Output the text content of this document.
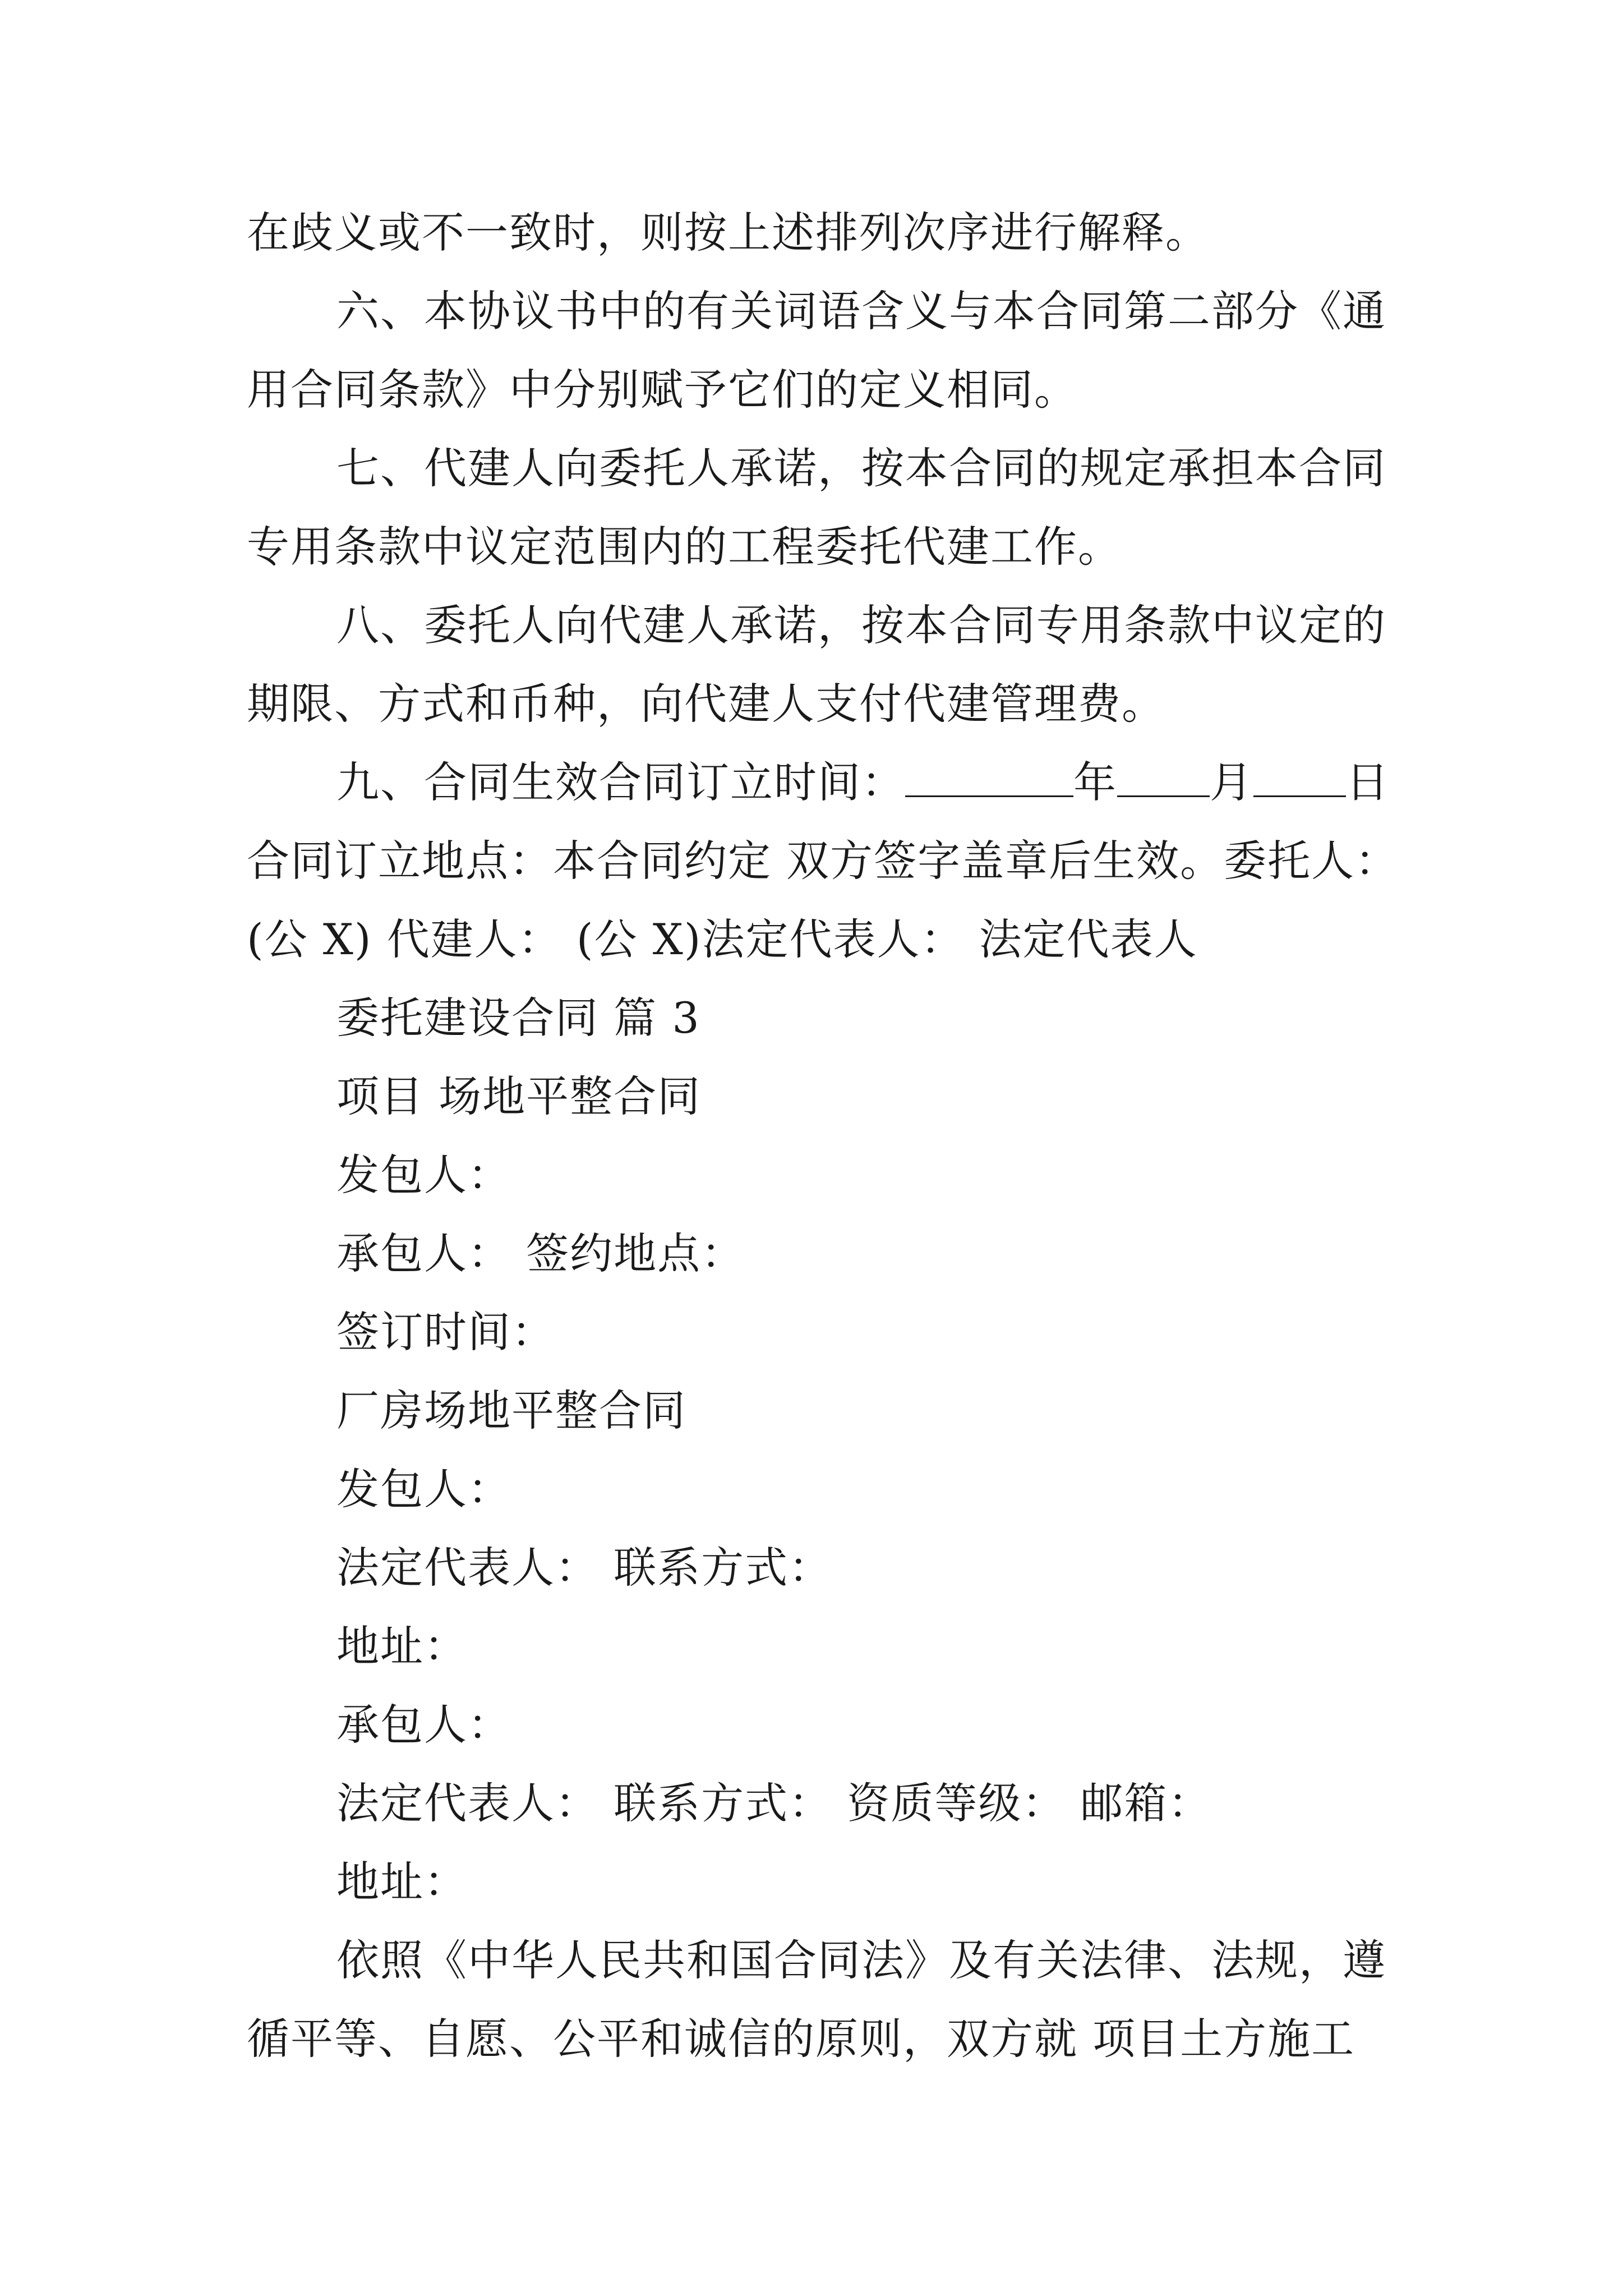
在歧义或不一致时，则按上述排列次序进行解释。

六、本协议书中的有关词语含义与本合同第二部分《通

用合同条款》中分别赋予它们的定义相同。

七、代建人向委托人承诺，按本合同的规定承担本合同

专用条款中议定范围内的工程委托代建工作。

八、委托人向代建人承诺，按本合同专用条款中议定的

期限、方式和币种，向代建人支付代建管理费。

九、合同生效合同订立时间：	年 月 日

合同订立地点：本合同约定 双方签字盖章后生效。委托人：

(公 X) 代建人： (公 X)法定代表人： 法定代表人

委托建设合同 篇 3

项目 场地平整合同

发包人：

承包人： 签约地点：

签订时间：

厂房场地平整合同

发包人：

法定代表人： 联系方式：

地址：

承包人：

法定代表人： 联系方式： 资质等级： 邮箱：

地址：

依照《中华人民共和国合同法》及有关法律、法规，遵

循平等、自愿、公平和诚信的原则，双方就 项目土方施工
